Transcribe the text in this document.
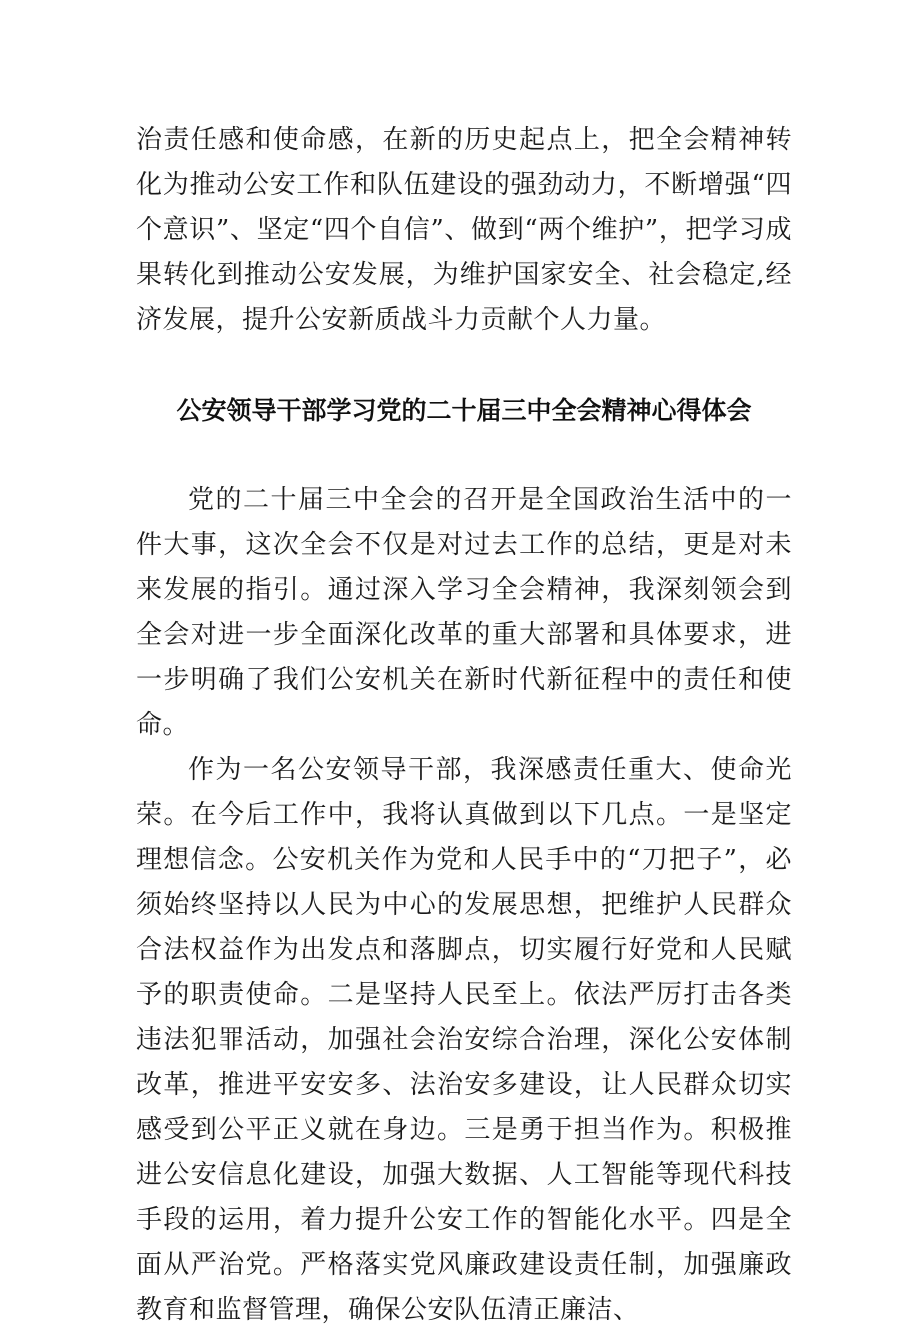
治责任感和使命感，在新的历史起点上，把全会精神转化为推动公安工作和队伍建设的强劲动力，不断增强“四个意识”、坚定“四个自信”、做到“两个维护”，把学习成果转化到推动公安发展，为维护国家安全、社会稳定,经济发展，提升公安新质战斗力贡献个人力量。

公安领导干部学习党的二十届三中全会精神心得体会

党的二十届三中全会的召开是全国政治生活中的一件大事，这次全会不仅是对过去工作的总结，更是对未来发展的指引。通过深入学习全会精神，我深刻领会到全会对进一步全面深化改革的重大部署和具体要求，进一步明确了我们公安机关在新时代新征程中的责任和使命。

作为一名公安领导干部，我深感责任重大、使命光荣。在今后工作中，我将认真做到以下几点。一是坚定理想信念。公安机关作为党和人民手中的“刀把子”，必须始终坚持以人民为中心的发展思想，把维护人民群众合法权益作为出发点和落脚点，切实履行好党和人民赋予的职责使命。二是坚持人民至上。依法严厉打击各类违法犯罪活动，加强社会治安综合治理，深化公安体制改革，推进平安安多、法治安多建设，让人民群众切实感受到公平正义就在身边。三是勇于担当作为。积极推进公安信息化建设，加强大数据、人工智能等现代科技手段的运用，着力提升公安工作的智能化水平。四是全面从严治党。严格落实党风廉政建设责任制，加强廉政教育和监督管理，确保公安队伍清正廉洁、
